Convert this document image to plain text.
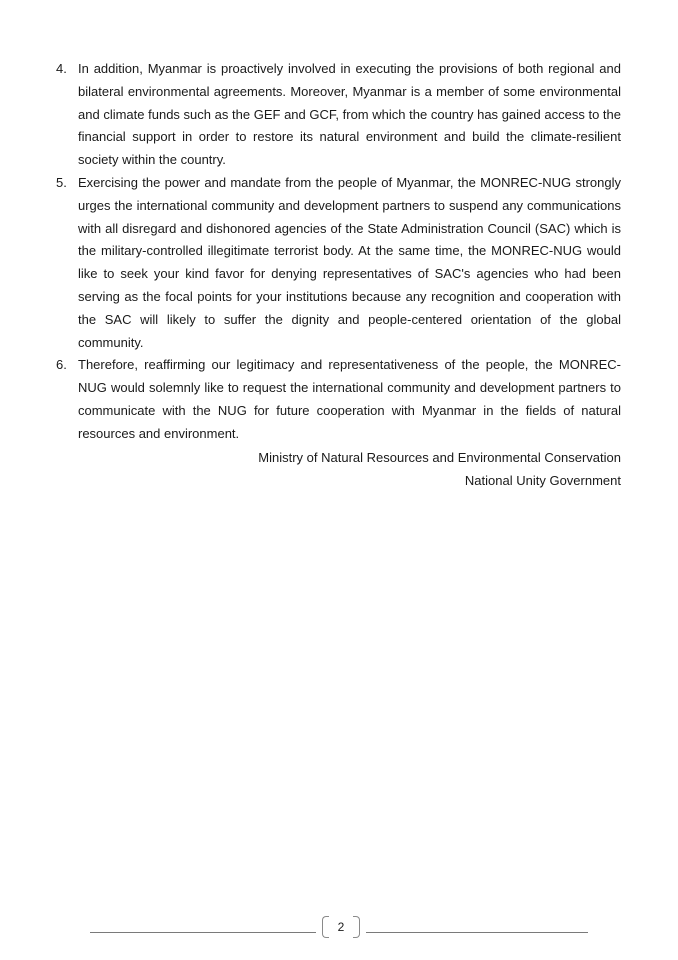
4. In addition, Myanmar is proactively involved in executing the provisions of both regional and bilateral environmental agreements. Moreover, Myanmar is a member of some environmental and climate funds such as the GEF and GCF, from which the country has gained access to the financial support in order to restore its natural environment and build the climate-resilient society within the country.
5. Exercising the power and mandate from the people of Myanmar, the MONREC-NUG strongly urges the international community and development partners to suspend any communications with all disregard and dishonored agencies of the State Administration Council (SAC) which is the military-controlled illegitimate terrorist body. At the same time, the MONREC-NUG would like to seek your kind favor for denying representatives of SAC's agencies who had been serving as the focal points for your institutions because any recognition and cooperation with the SAC will likely to suffer the dignity and people-centered orientation of the global community.
6. Therefore, reaffirming our legitimacy and representativeness of the people, the MONREC-NUG would solemnly like to request the international community and development partners to communicate with the NUG for future cooperation with Myanmar in the fields of natural resources and environment.
Ministry of Natural Resources and Environmental Conservation
National Unity Government
2
